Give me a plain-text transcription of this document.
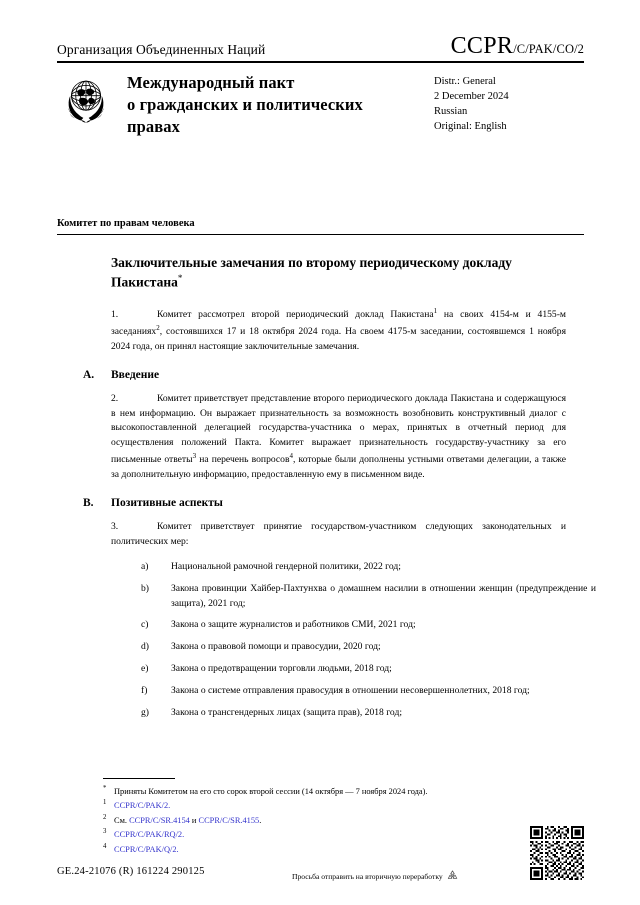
Организация Объединенных Наций	CCPR/C/PAK/CO/2
Международный пакт
о гражданских и политических
правах
Distr.: General
2 December 2024
Russian
Original: English
Комитет по правам человека
Заключительные замечания по второму периодическому докладу Пакистана*
1.	Комитет рассмотрел второй периодический доклад Пакистана$^1$ на своих 4154-м и 4155-м заседаниях$^2$, состоявшихся 17 и 18 октября 2024 года. На своем 4175-м заседании, состоявшемся 1 ноября 2024 года, он принял настоящие заключительные замечания.
A.	Введение
2.	Комитет приветствует представление второго периодического доклада Пакистана и содержащуюся в нем информацию. Он выражает признательность за возможность возобновить конструктивный диалог с высокопоставленной делегацией государства-участника о мерах, принятых в отчетный период для осуществления положений Пакта. Комитет выражает признательность государству-участнику за его письменные ответы$^3$ на перечень вопросов$^4$, которые были дополнены устными ответами делегации, а также за дополнительную информацию, предоставленную ему в письменном виде.
B.	Позитивные аспекты
3.	Комитет приветствует принятие государством-участником следующих законодательных и политических мер:
a) Национальной рамочной гендерной политики, 2022 год;
b) Закона провинции Хайбер-Пахтунхва о домашнем насилии в отношении женщин (предупреждение и защита), 2021 год;
c) Закона о защите журналистов и работников СМИ, 2021 год;
d) Закона о правовой помощи и правосудии, 2020 год;
e) Закона о предотвращении торговли людьми, 2018 год;
f) Закона о системе отправления правосудия в отношении несовершеннолетних, 2018 год;
g) Закона о трансгендерных лицах (защита прав), 2018 год;
* Приняты Комитетом на его сто сорок второй сессии (14 октября — 7 ноября 2024 года).
1 CCPR/C/PAK/2.
2 См. CCPR/C/SR.4154 и CCPR/C/SR.4155.
3 CCPR/C/PAK/RQ/2.
4 CCPR/C/PAK/Q/2.
GE.24-21076 (R) 161224 290125	Просьба отправить на вторичную переработку
